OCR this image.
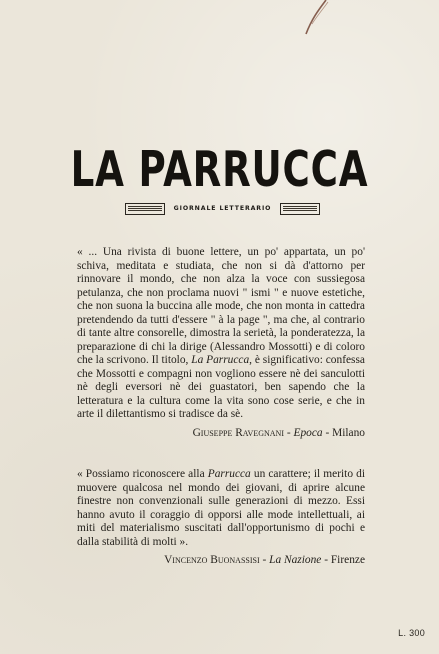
LA PARRUCCA
GIORNALE LETTERARIO

« ... Una rivista di buone lettere, un po' appartata, un po' schiva, meditata e studiata, che non si dà d'attorno per rinnovare il mondo, che non alza la voce con sussiegosa petulanza, che non proclama nuovi " ismi " e nuove estetiche, che non suona la buccina alle mode, che non monta in cattedra pretendendo da tutti d'essere " à la page ", ma che, al contrario di tante altre consorelle, dimostra la serietà, la ponderatezza, la preparazione di chi la dirige (Alessandro Mossotti) e di coloro che la scrivono. Il titolo, La Parrucca, è significativo: confessa che Mossotti e compagni non vogliono essere nè dei sanculotti nè degli eversori nè dei guastatori, ben sapendo che la letteratura e la cultura come la vita sono cose serie, e che in arte il dilettantismo si tradisce da sè.

Giuseppe Ravegnani - Epoca - Milano

« Possiamo riconoscere alla Parrucca un carattere; il merito di muovere qualcosa nel mondo dei giovani, di aprire alcune finestre non convenzionali sulle generazioni di mezzo. Essi hanno avuto il coraggio di opporsi alle mode intellettuali, ai miti del materialismo suscitati dall'opportunismo di pochi e dalla stabilità di molti ».

Vincenzo Buonassisi - La Nazione - Firenze
L. 300
